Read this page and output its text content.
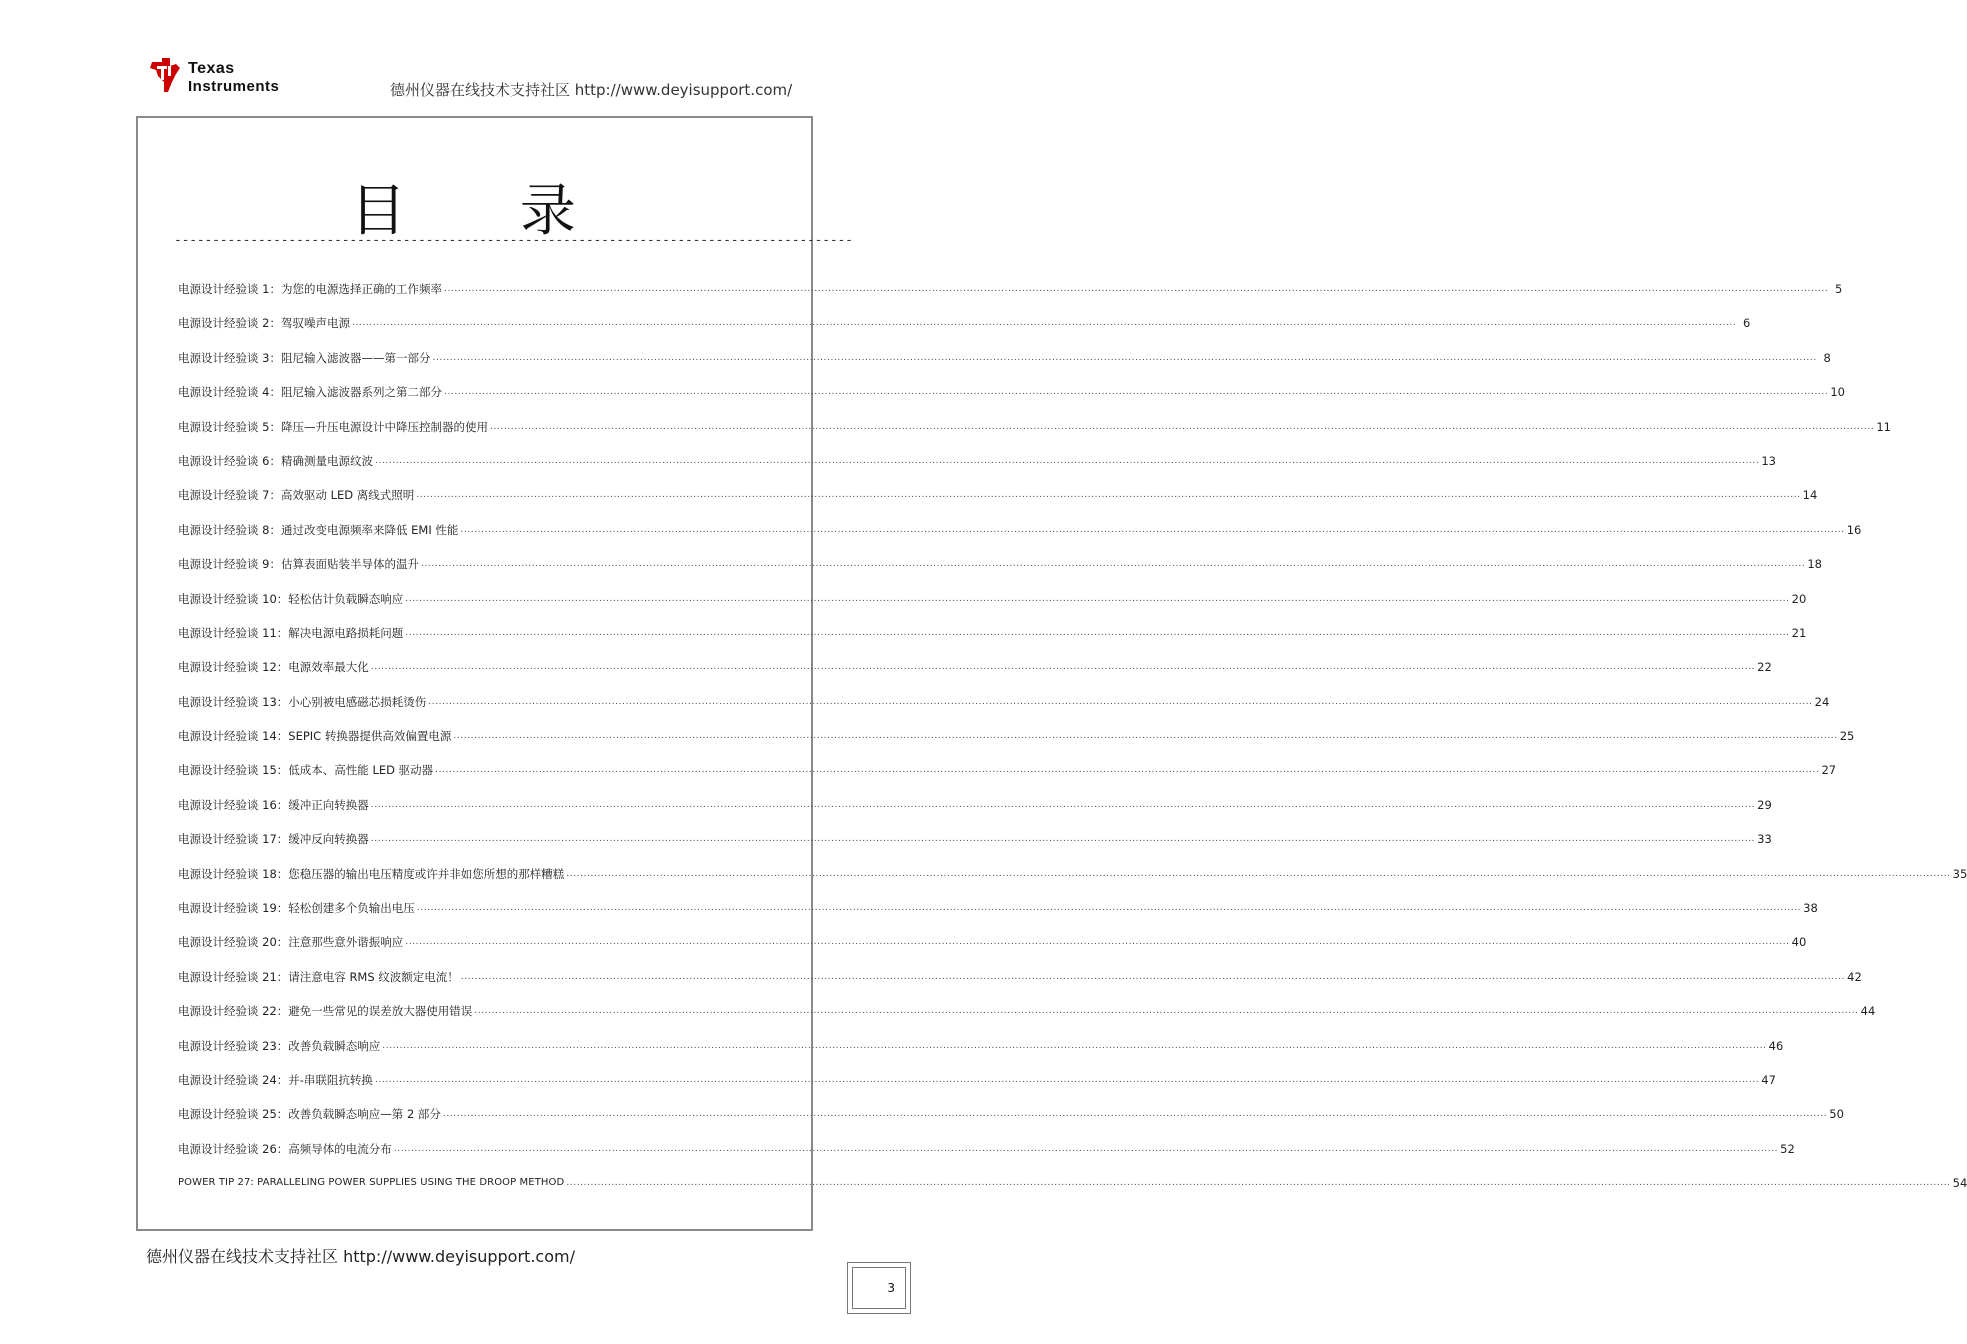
Texas
Instruments	德州仪器在线技术支持社区 http://www.deyisupport.com/
目 录
-----------------------------------------------------------------------------------------
电源设计经验谈 1：为您的电源选择正确的工作频率 ................................................................................................................................................................................................................................................................................................................................................................................................................ 5
电源设计经验谈 2：驾驭噪声电源 ................................................................................................................................................................................................................................................................................................................................................................................................................ 6
电源设计经验谈 3：阻尼输入滤波器——第一部分 ................................................................................................................................................................................................................................................................................................................................................................................................................ 8
电源设计经验谈 4：阻尼输入滤波器系列之第二部分 ................................................................................................................................................................................................................................................................................................................................................................................................................ 10
电源设计经验谈 5：降压—升压电源设计中降压控制器的使用 ................................................................................................................................................................................................................................................................................................................................................................................................................ 11
电源设计经验谈 6：精确测量电源纹波 ................................................................................................................................................................................................................................................................................................................................................................................................................ 13
电源设计经验谈 7：高效驱动 LED 离线式照明 ................................................................................................................................................................................................................................................................................................................................................................................................................ 14
电源设计经验谈 8：通过改变电源频率来降低 EMI 性能 ................................................................................................................................................................................................................................................................................................................................................................................................................ 16
电源设计经验谈 9：估算表面贴装半导体的温升 ................................................................................................................................................................................................................................................................................................................................................................................................................ 18
电源设计经验谈 10：轻松估计负载瞬态响应 ................................................................................................................................................................................................................................................................................................................................................................................................................ 20
电源设计经验谈 11：解决电源电路损耗问题 ................................................................................................................................................................................................................................................................................................................................................................................................................ 21
电源设计经验谈 12：电源效率最大化 ................................................................................................................................................................................................................................................................................................................................................................................................................ 22
电源设计经验谈 13：小心别被电感磁芯损耗烫伤 ................................................................................................................................................................................................................................................................................................................................................................................................................ 24
电源设计经验谈 14：SEPIC 转换器提供高效偏置电源 ................................................................................................................................................................................................................................................................................................................................................................................................................ 25
电源设计经验谈 15：低成本、高性能 LED 驱动器 ................................................................................................................................................................................................................................................................................................................................................................................................................ 27
电源设计经验谈 16：缓冲正向转换器 ................................................................................................................................................................................................................................................................................................................................................................................................................ 29
电源设计经验谈 17：缓冲反向转换器 ................................................................................................................................................................................................................................................................................................................................................................................................................ 33
电源设计经验谈 18：您稳压器的输出电压精度或许并非如您所想的那样糟糕 ................................................................................................................................................................................................................................................................................................................................................................................................................ 35
电源设计经验谈 19：轻松创建多个负输出电压 ................................................................................................................................................................................................................................................................................................................................................................................................................ 38
电源设计经验谈 20：注意那些意外谐振响应 ................................................................................................................................................................................................................................................................................................................................................................................................................ 40
电源设计经验谈 21：请注意电容 RMS 纹波额定电流！ ................................................................................................................................................................................................................................................................................................................................................................................................................ 42
电源设计经验谈 22：避免一些常见的误差放大器使用错误 ................................................................................................................................................................................................................................................................................................................................................................................................................ 44
电源设计经验谈 23：改善负载瞬态响应 ................................................................................................................................................................................................................................................................................................................................................................................................................ 46
电源设计经验谈 24：并-串联阻抗转换 ................................................................................................................................................................................................................................................................................................................................................................................................................ 47
电源设计经验谈 25：改善负载瞬态响应—第 2 部分 ................................................................................................................................................................................................................................................................................................................................................................................................................ 50
电源设计经验谈 26：高频导体的电流分布 ................................................................................................................................................................................................................................................................................................................................................................................................................ 52
POWER TIP 27: PARALLELING POWER SUPPLIES USING THE DROOP METHOD ................................................................................................................................................................................................................................................................................................................................................................................................................ 54
德州仪器在线技术支持社区 http://www.deyisupport.com/
3
